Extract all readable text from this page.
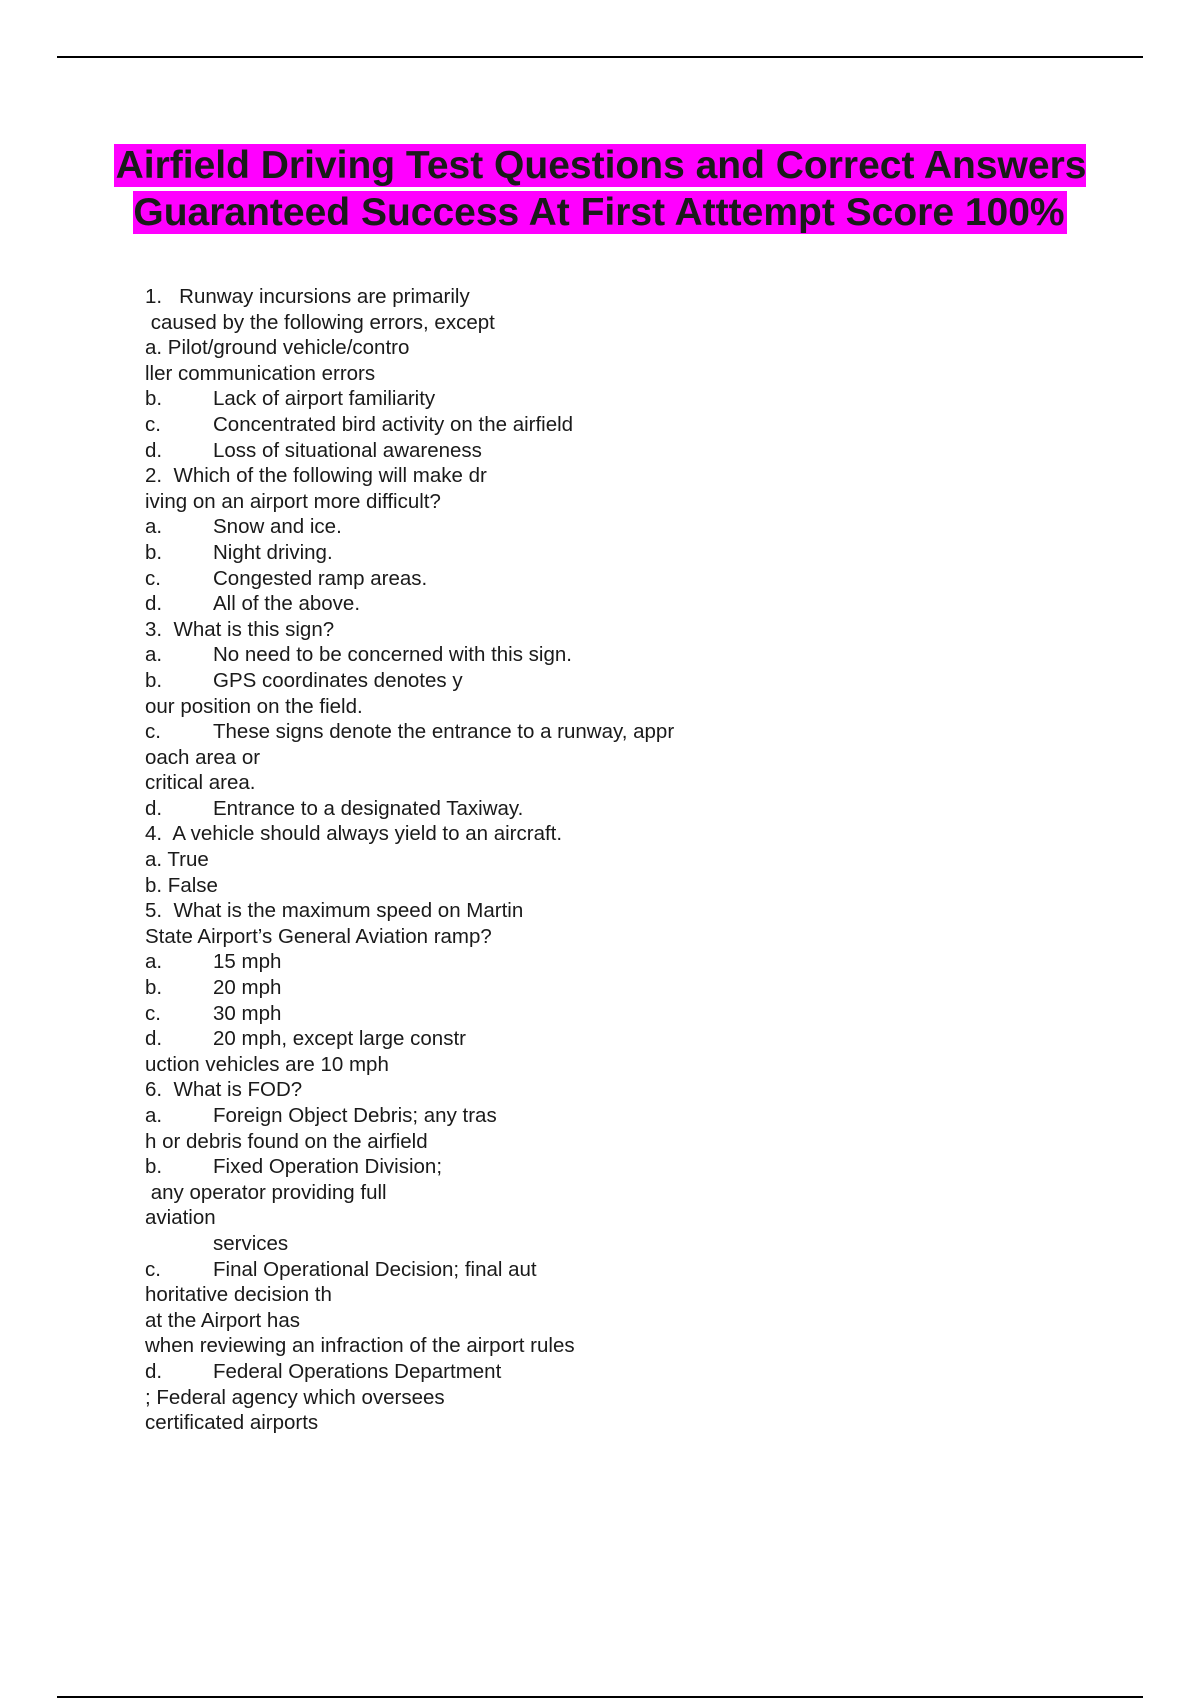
Airfield Driving Test Questions and Correct Answers Guaranteed Success At First Atttempt Score 100%
1.   Runway incursions are primarily
caused by the following errors, except
a. Pilot/ground vehicle/contro
ller communication errors
b. Lack of airport familiarity
c.	Concentrated bird activity on the airfield
d. Loss of situational awareness
2.  Which of the following will make dr
iving on an airport more difficult?
a. Snow and ice.
b. Night driving.
c.	Congested ramp areas.
d. All of the above.
3.  What is this sign?
a. No need to be concerned with this sign.
b. GPS coordinates denotes y
our position on the field.
c.	These signs denote the entrance to a runway, appr
oach area or
critical area.
d. Entrance to a designated Taxiway.
4.  A vehicle should always yield to an aircraft.
a. True
b. False
5.  What is the maximum speed on Martin
State Airport’s General Aviation ramp?
a. 15 mph
b. 20 mph
c.	30 mph
d. 20 mph, except large constr
uction vehicles are 10 mph
6.  What is FOD?
a. Foreign Object Debris; any tras
h or debris found on the airfield
b. Fixed Operation Division;
any operator providing full
aviation
services
c.	Final Operational Decision; final aut
horitative decision th
at the Airport has
when reviewing an infraction of the airport rules
d. Federal Operations Department
; Federal agency which oversees
certificated airports
